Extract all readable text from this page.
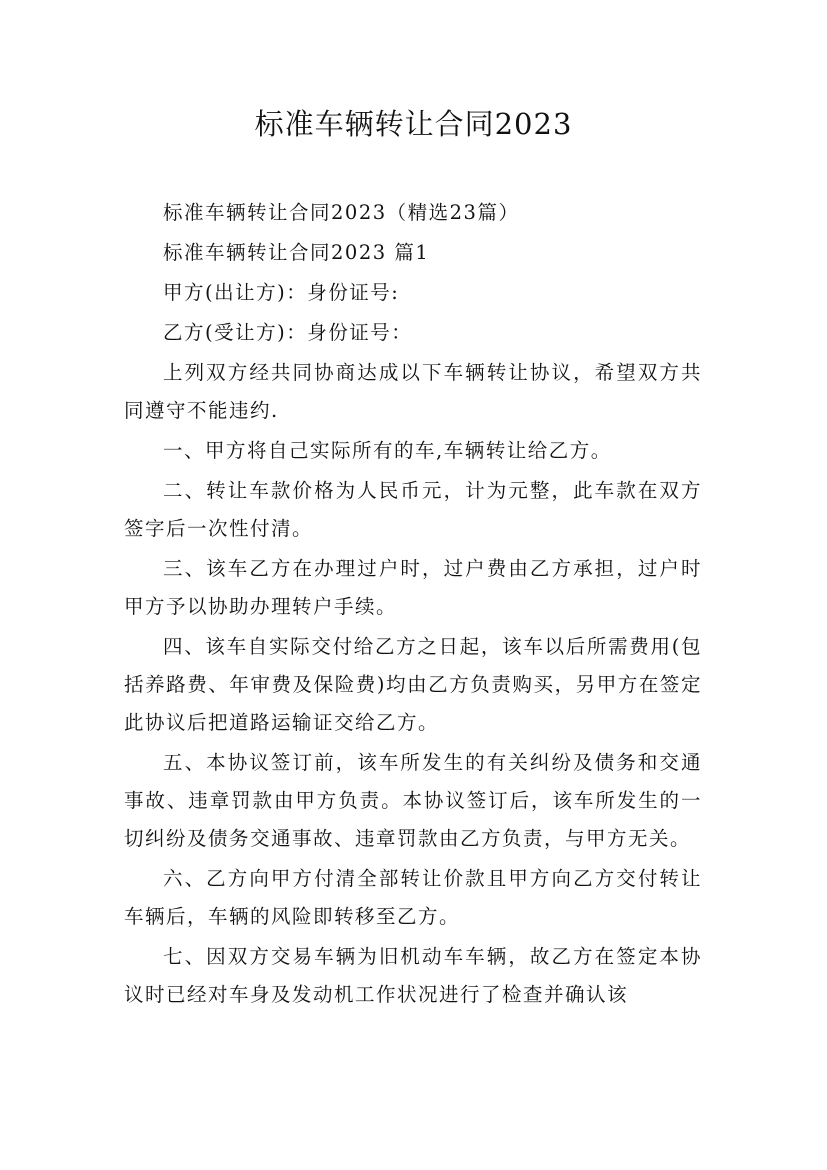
标准车辆转让合同2023

标准车辆转让合同2023（精选23篇）

标准车辆转让合同2023 篇1

甲方(出让方)：身份证号:

乙方(受让方)：身份证号：

上列双方经共同协商达成以下车辆转让协议，希望双方共同遵守不能违约.

一、甲方将自己实际所有的车,车辆转让给乙方。

二、转让车款价格为人民币元，计为元整，此车款在双方签字后一次性付清。

三、该车乙方在办理过户时，过户费由乙方承担，过户时甲方予以协助办理转户手续。

四、该车自实际交付给乙方之日起，该车以后所需费用(包括养路费、年审费及保险费)均由乙方负责购买，另甲方在签定此协议后把道路运输证交给乙方。

五、本协议签订前，该车所发生的有关纠纷及债务和交通事故、违章罚款由甲方负责。本协议签订后，该车所发生的一切纠纷及债务交通事故、违章罚款由乙方负责，与甲方无关。

六、乙方向甲方付清全部转让价款且甲方向乙方交付转让车辆后，车辆的风险即转移至乙方。

七、因双方交易车辆为旧机动车车辆，故乙方在签定本协议时已经对车身及发动机工作状况进行了检查并确认该
